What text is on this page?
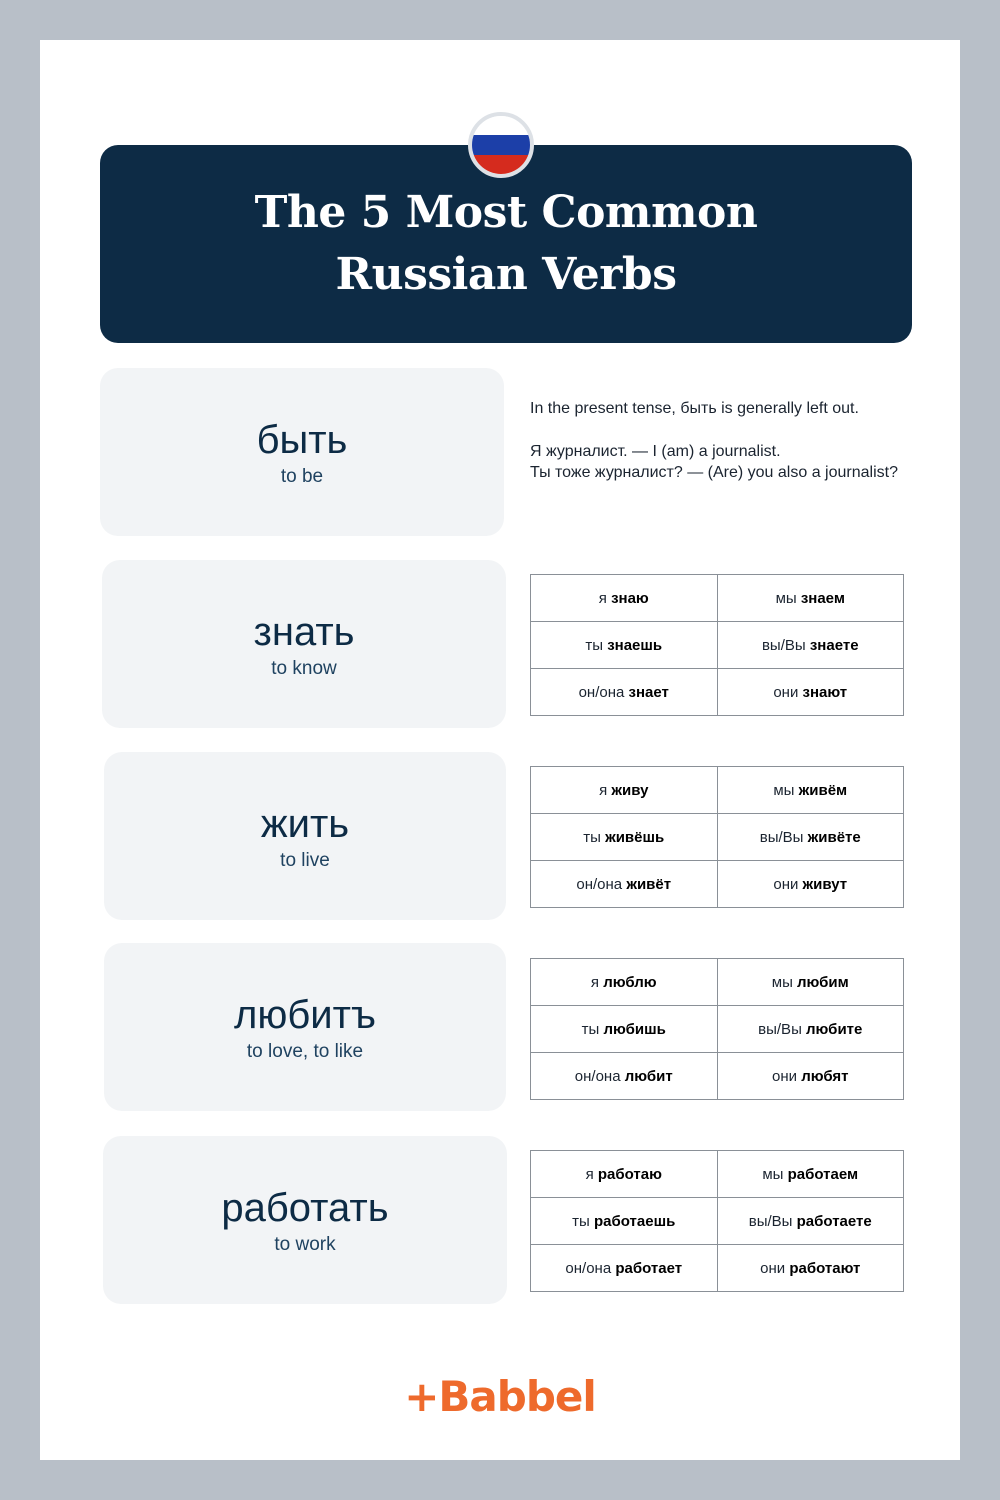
The 5 Most Common
Russian Verbs
быть
to be
знать
to know
жить
to live
любитъ
to love, to like
работать
to work

In the present tense, быть is generally left out.

Я журналист. — I (am) a journalist.

Ты тоже журналист? — (Are) you also a journalist?

я знаю	мы знаем
ты знаешь	вы/Вы знаете
он/она знает	они знают
я живу	мы живём
ты живёшь	вы/Вы живёте
он/она живёт	они живут
я люблю	мы любим
ты любишь	вы/Вы любите
он/она любит	они любят
я работаю	мы работаем
ты работаешь	вы/Вы работаете
он/она работает	они работают
+Babbel
